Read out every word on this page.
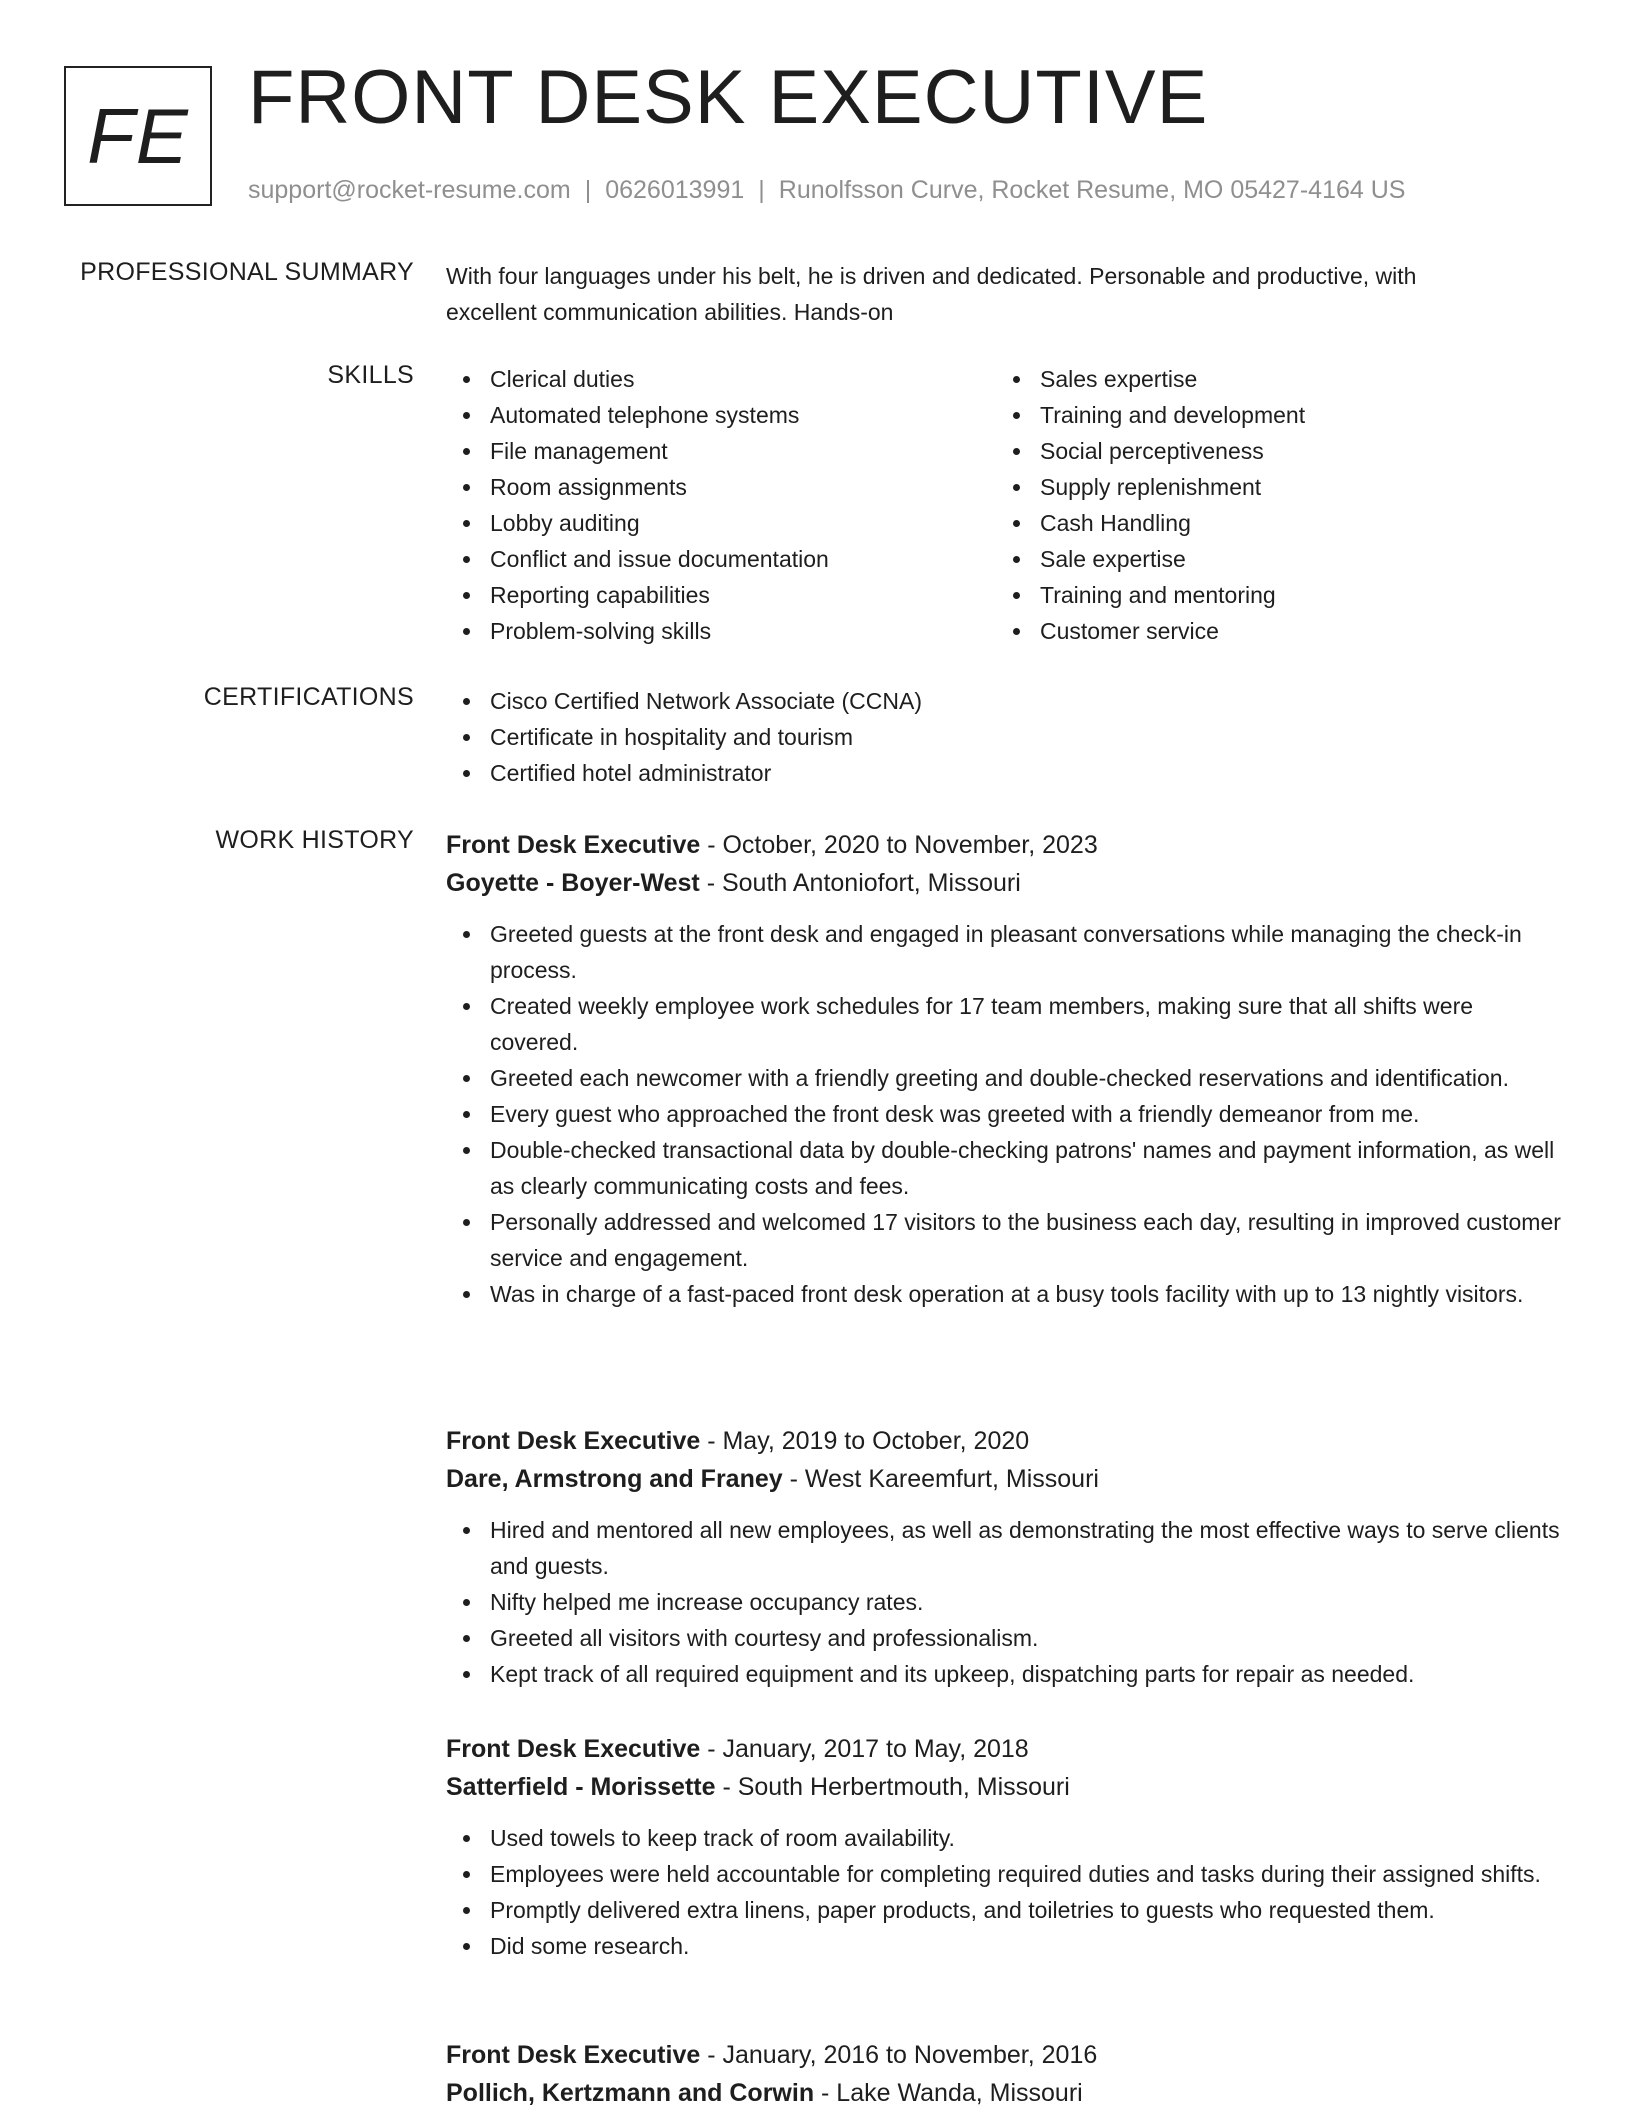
FE FRONT DESK EXECUTIVE
support@rocket-resume.com | 0626013991 | Runolfsson Curve, Rocket Resume, MO 05427-4164 US
PROFESSIONAL SUMMARY With four languages under his belt, he is driven and dedicated. Personable and productive, with excellent communication abilities. Hands-on
SKILLS	Clerical duties
Automated telephone systems
File management
Room assignments
Lobby auditing
Conflict and issue documentation
Reporting capabilities
Problem-solving skills
Sales expertise
Training and development
Social perceptiveness
Supply replenishment
Cash Handling
Sale expertise
Training and mentoring
Customer service
CERTIFICATIONS	Cisco Certified Network Associate (CCNA)
Certificate in hospitality and tourism
Certified hotel administrator
WORK HISTORY Front Desk Executive - October, 2020 to November, 2023
Goyette - Boyer-West - South Antoniofort, Missouri
Greeted guests at the front desk and engaged in pleasant conversations while managing the check-in process.
Created weekly employee work schedules for 17 team members, making sure that all shifts were covered.
Greeted each newcomer with a friendly greeting and double-checked reservations and identification.
Every guest who approached the front desk was greeted with a friendly demeanor from me.
Double-checked transactional data by double-checking patrons' names and payment information, as well as clearly communicating costs and fees.
Personally addressed and welcomed 17 visitors to the business each day, resulting in improved customer service and engagement.
Was in charge of a fast-paced front desk operation at a busy tools facility with up to 13 nightly visitors.
Front Desk Executive - May, 2019 to October, 2020
Dare, Armstrong and Franey - West Kareemfurt, Missouri
Hired and mentored all new employees, as well as demonstrating the most effective ways to serve clients and guests.
Nifty helped me increase occupancy rates.
Greeted all visitors with courtesy and professionalism.
Kept track of all required equipment and its upkeep, dispatching parts for repair as needed.
Front Desk Executive - January, 2017 to May, 2018
Satterfield - Morissette - South Herbertmouth, Missouri
Used towels to keep track of room availability.
Employees were held accountable for completing required duties and tasks during their assigned shifts.
Promptly delivered extra linens, paper products, and toiletries to guests who requested them.
Did some research.
Front Desk Executive - January, 2016 to November, 2016
Pollich, Kertzmann and Corwin - Lake Wanda, Missouri
